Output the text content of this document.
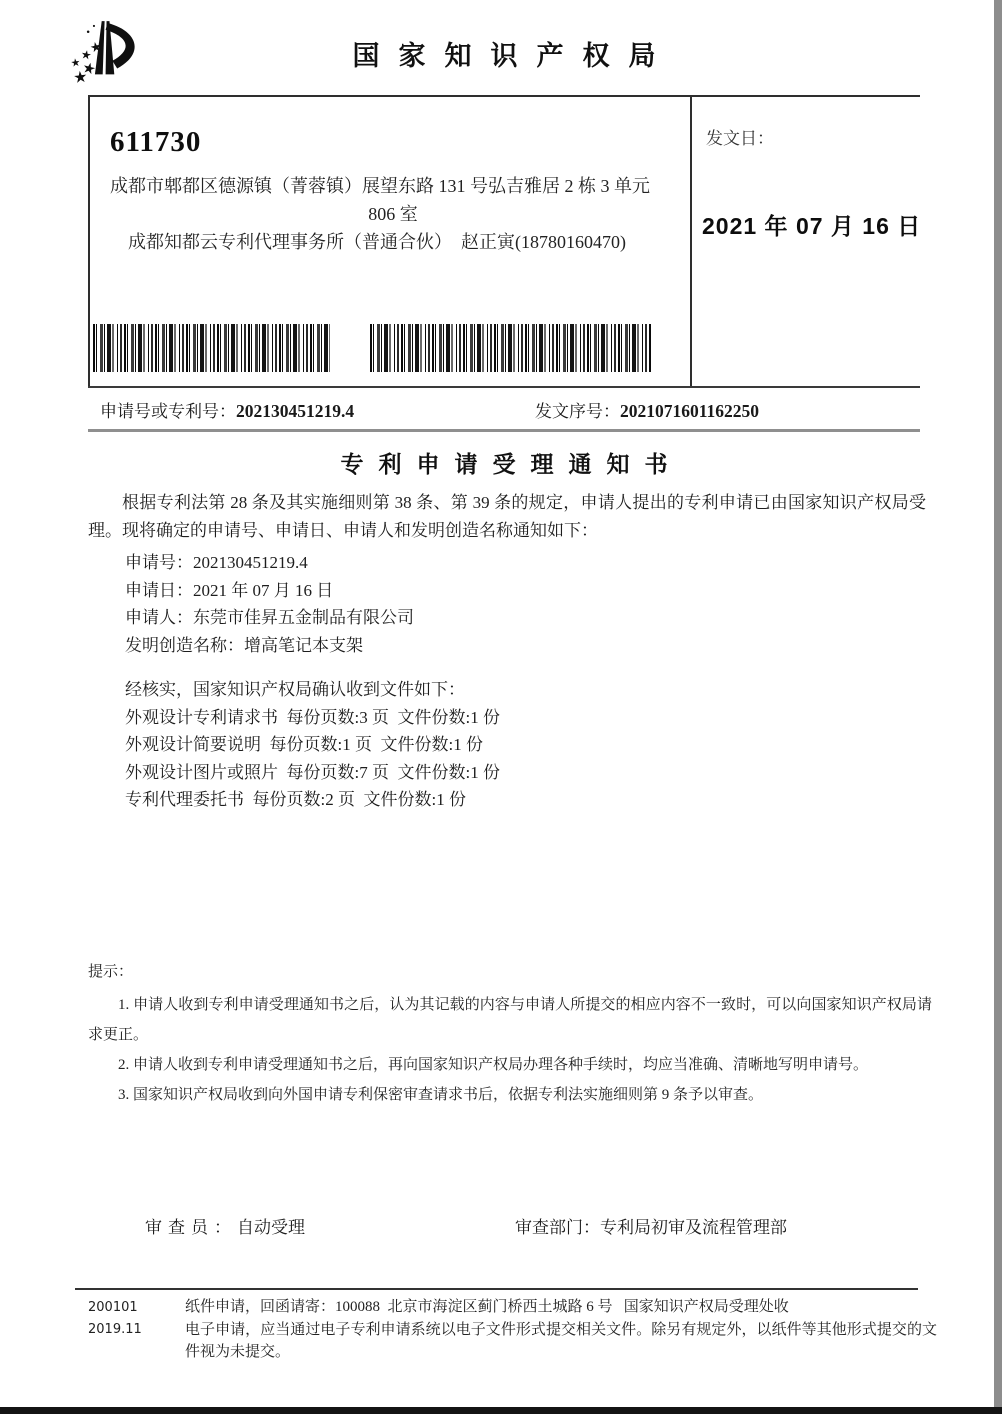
国家知识产权局
611730
成都市郫都区德源镇（菁蓉镇）展望东路 131 号弘吉雅居 2 栋 3 单元
806 室
成都知都云专利代理事务所（普通合伙）  赵正寅(18780160470)
发文日：
2021 年 07 月 16 日
申请号或专利号：202130451219.4	发文序号：2021071601162250
专利申请受理通知书
根据专利法第 28 条及其实施细则第 38 条、第 39 条的规定，申请人提出的专利申请已由国家知识产权局受理。现将确定的申请号、申请日、申请人和发明创造名称通知如下：
申请号：202130451219.4
申请日：2021 年 07 月 16 日
申请人：东莞市佳昇五金制品有限公司
发明创造名称：增高笔记本支架
经核实，国家知识产权局确认收到文件如下：
外观设计专利请求书  每份页数:3 页  文件份数:1 份
外观设计简要说明  每份页数:1 页  文件份数:1 份
外观设计图片或照片  每份页数:7 页  文件份数:1 份
专利代理委托书  每份页数:2 页  文件份数:1 份
提示：

1. 申请人收到专利申请受理通知书之后，认为其记载的内容与申请人所提交的相应内容不一致时，可以向国家知识产权局请求更正。

2. 申请人收到专利申请受理通知书之后，再向国家知识产权局办理各种手续时，均应当准确、清晰地写明申请号。

3. 国家知识产权局收到向外国申请专利保密审查请求书后，依据专利法实施细则第 9 条予以审查。

审查员：自动受理	审查部门：专利局初审及流程管理部
200101
2019.11

纸件申请，回函请寄：100088  北京市海淀区蓟门桥西土城路 6 号   国家知识产权局受理处收

电子申请，应当通过电子专利申请系统以电子文件形式提交相关文件。除另有规定外，以纸件等其他形式提交的文件视为未提交。
